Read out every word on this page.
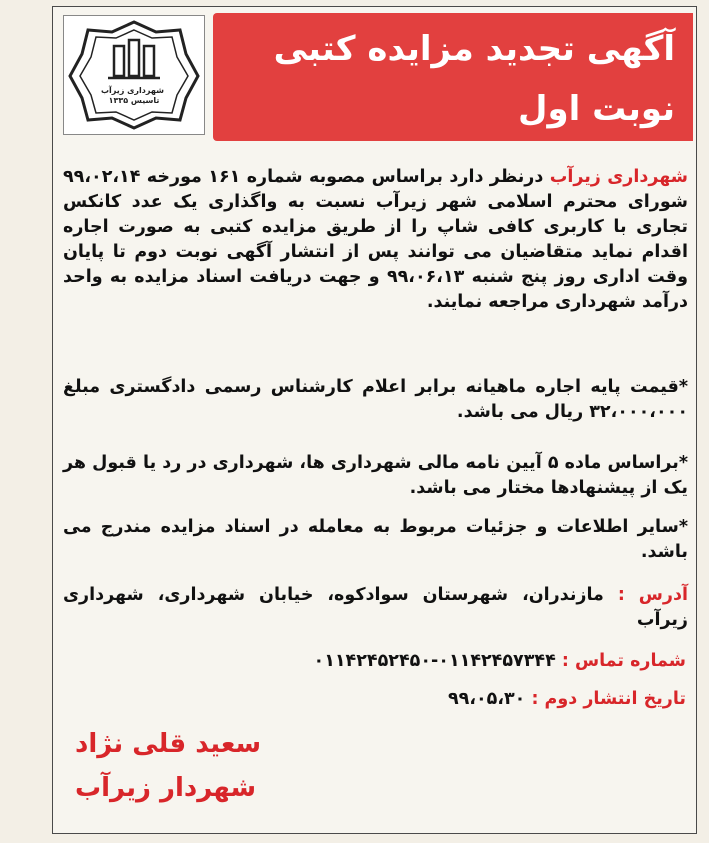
شهرداری زیرآب
تاسیس ۱۳۳۵
آگهی تجدید مزایده کتبی
نوبت اول
شهرداری زیرآب درنظر دارد براساس مصوبه شماره ۱۶۱ مورخه ۹۹،۰۲،۱۴ شورای محترم اسلامی شهر زیرآب نسبت به واگذاری یک عدد کانکس تجاری با کاربری کافی شاپ را از طریق مزایده کتبی به صورت اجاره اقدام نماید متقاضیان می توانند پس از انتشار آگهی نوبت دوم تا پایان وقت اداری روز پنج شنبه ۹۹،۰۶،۱۳ و جهت دریافت اسناد مزایده به واحد درآمد شهرداری مراجعه نمایند.
*قیمت پایه اجاره ماهیانه برابر اعلام کارشناس رسمی دادگستری مبلغ ۳۲،۰۰۰،۰۰۰ ریال می باشد.
*براساس ماده ۵ آیین نامه مالی شهرداری ها، شهرداری در رد یا قبول هر یک از پیشنهادها مختار می باشد.
*سایر اطلاعات و جزئیات مربوط به معامله در اسناد مزایده مندرج می باشد.
آدرس : مازندران، شهرستان سوادکوه، خیابان شهرداری، شهرداری زیرآب
شماره تماس : ۰۱۱۴۲۴۵۷۳۴۴-۰۱۱۴۲۴۵۲۴۵۰
تاریخ انتشار دوم : ۹۹،۰۵،۳۰
سعید قلی نژاد
شهردار زیرآب
